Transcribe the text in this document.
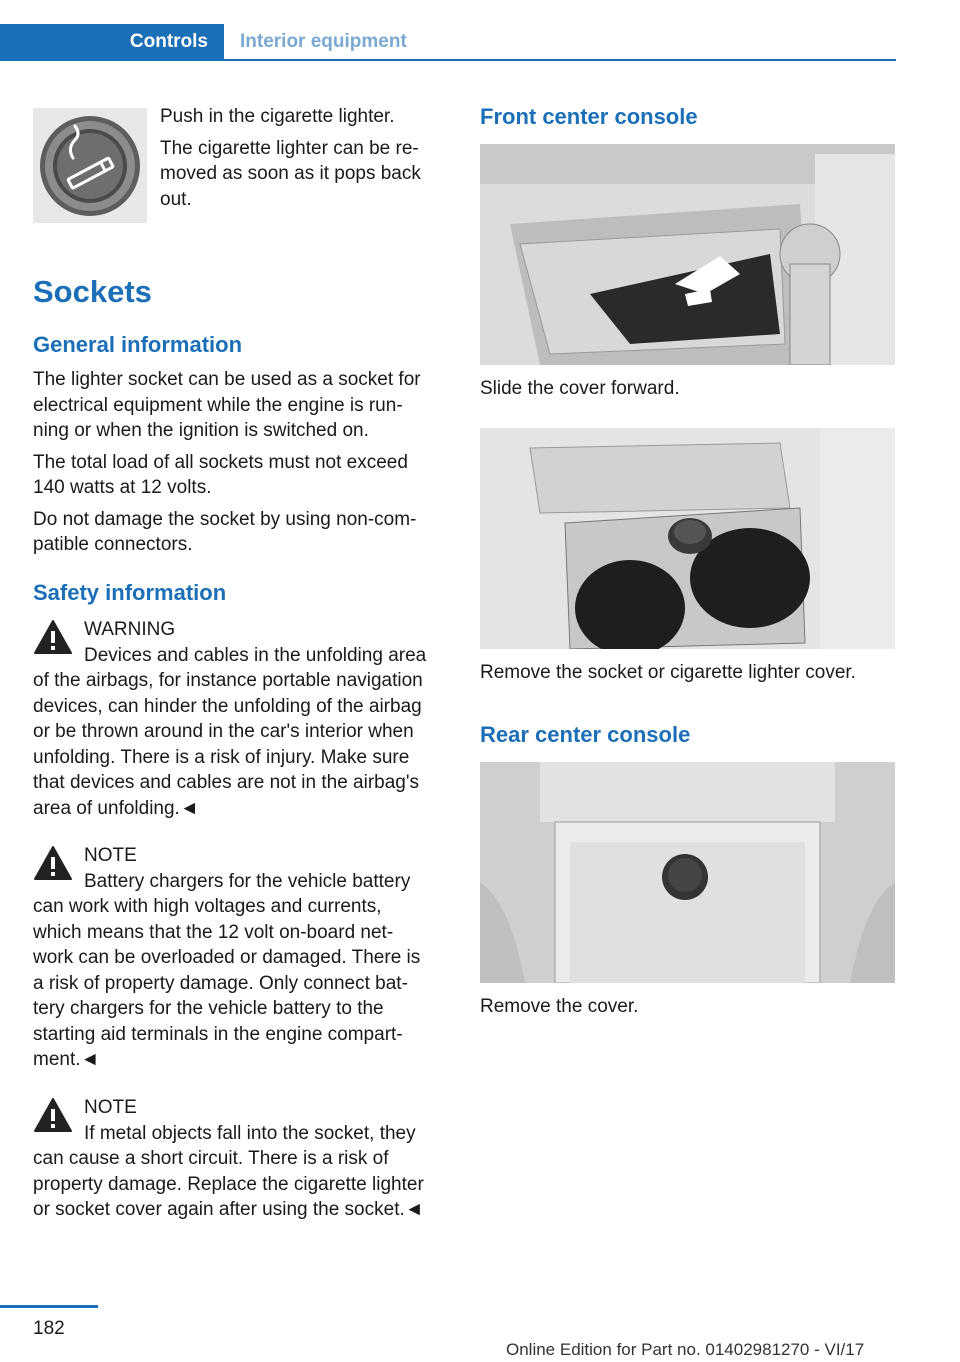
Controls Interior equipment

Push in the cigarette lighter.

The cigarette lighter can be re‐
moved as soon as it pops back
out.

Sockets
General information

The lighter socket can be used as a socket for
electrical equipment while the engine is run‐
ning or when the ignition is switched on.

The total load of all sockets must not exceed
140 watts at 12 volts.

Do not damage the socket by using non-com‐
patible connectors.

Safety information

WARNING

Devices and cables in the unfolding area

of the airbags, for instance portable navigation
devices, can hinder the unfolding of the airbag
or be thrown around in the car's interior when
unfolding. There is a risk of injury. Make sure
that devices and cables are not in the airbag's
area of unfolding.◄

NOTE

Battery chargers for the vehicle battery

can work with high voltages and currents,
which means that the 12 volt on-board net‐
work can be overloaded or damaged. There is
a risk of property damage. Only connect bat‐
tery chargers for the vehicle battery to the
starting aid terminals in the engine compart‐
ment.◄

NOTE

If metal objects fall into the socket, they

can cause a short circuit. There is a risk of
property damage. Replace the cigarette lighter
or socket cover again after using the socket.◄

Front center console
Slide the cover forward.
Remove the socket or cigarette lighter cover.
Rear center console
Remove the cover.
182
Online Edition for Part no. 01402981270 - VI/17
